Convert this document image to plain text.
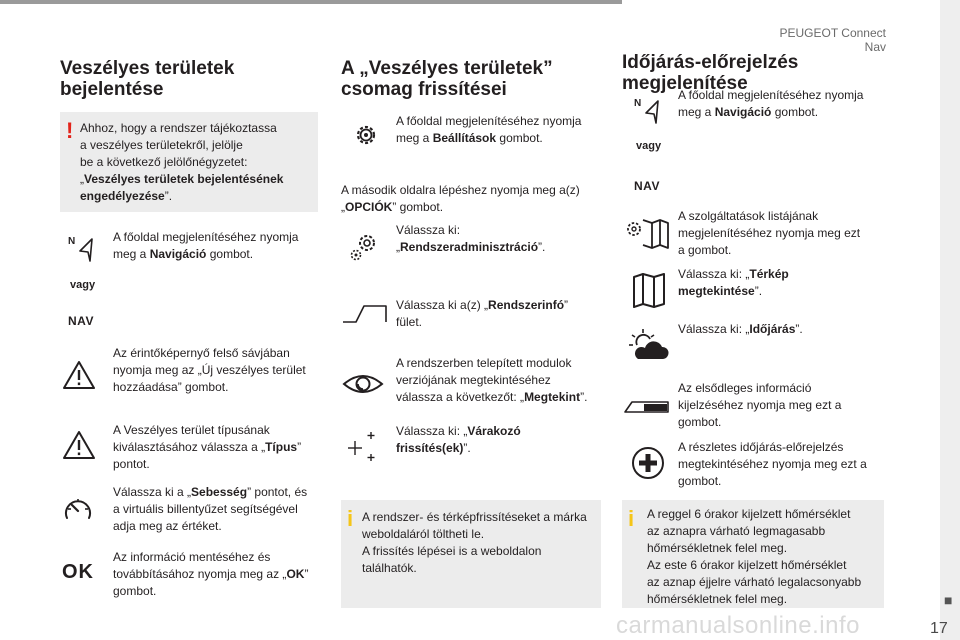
PEUGEOT Connect Nav
■
17
carmanualsonline.info
Veszélyes területek
bejelentése
! Ahhoz, hogy a rendszer tájékoztassa
a veszélyes területekről, jelölje
be a következő jelölőnégyzetet:
„Veszélyes területek bejelentésének
engedélyezése”.
N	A főoldal megjelenítéséhez nyomja
meg a Navigáció gombot.
vagy
NAV
Az érintőképernyő felső sávjában
nyomja meg az „Új veszélyes terület
hozzáadása” gombot.
A Veszélyes terület típusának
kiválasztásához válassza a „Típus”
pontot.
Válassza ki a „Sebesség” pontot, és
a virtuális billentyűzet segítségével
adja meg az értéket.
OK
Az információ mentéséhez és
továbbításához nyomja meg az „OK”
gombot.
A „Veszélyes területek”
csomag frissítései
A főoldal megjelenítéséhez nyomja
meg a Beállítások gombot.
A második oldalra lépéshez nyomja meg a(z)
„OPCIÓK” gombot.
Válassza ki:
„Rendszeradminisztráció”.
Válassza ki a(z) „Rendszerinfó”
fület.
A rendszerben telepített modulok
verziójának megtekintéséhez
válassza a következőt: „Megtekint”.
Válassza ki: „Várakozó
frissítés(ek)”.
i A rendszer- és térképfrissítéseket a márka
weboldaláról töltheti le.
A frissítés lépései is a weboldalon
találhatók.
Időjárás-előrejelzés
megjelenítése
N
A főoldal megjelenítéséhez nyomja
meg a Navigáció gombot.
vagy
NAV
A szolgáltatások listájának
megjelenítéséhez nyomja meg ezt
a gombot.
Válassza ki: „Térkép
megtekintése”.
Válassza ki: „Időjárás”.
Az elsődleges információ
kijelzéséhez nyomja meg ezt a
gombot.
A részletes időjárás-előrejelzés
megtekintéséhez nyomja meg ezt a
gombot.
i A reggel 6 órakor kijelzett hőmérséklet
az aznapra várható legmagasabb
hőmérsékletnek felel meg.
Az este 6 órakor kijelzett hőmérséklet
az aznap éjjelre várható legalacsonyabb
hőmérsékletnek felel meg.
